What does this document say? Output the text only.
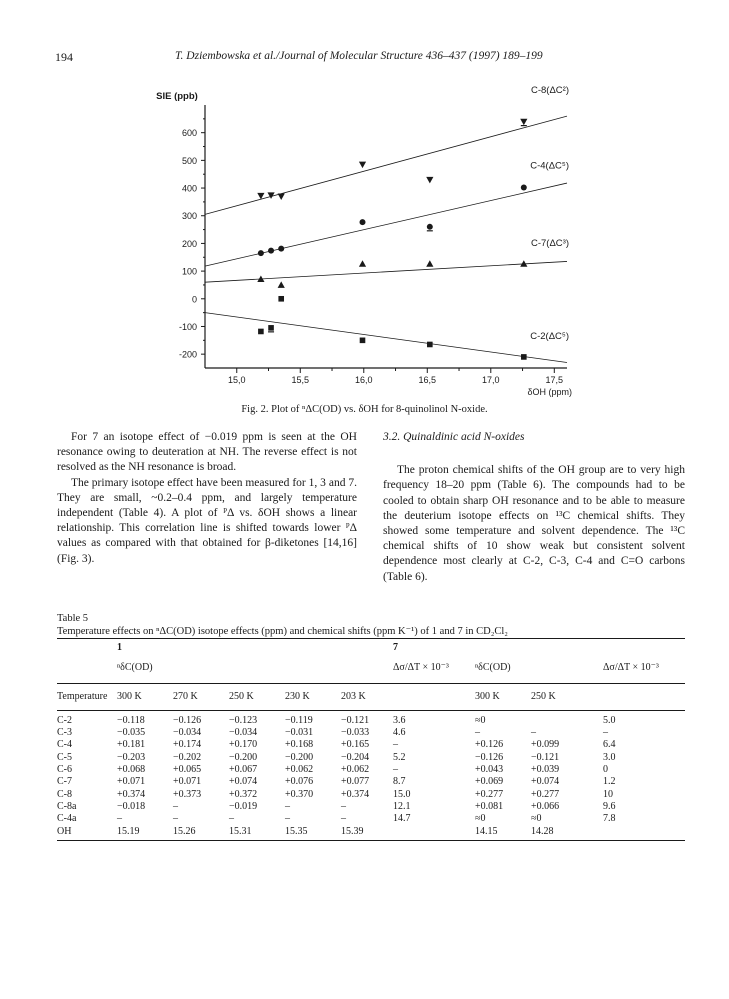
194	T. Dziembowska et al./Journal of Molecular Structure 436–437 (1997) 189–199
600
500
400
300
200
100
0
-100
-200
15,0	15,5	16,0	16,5	17,0	17,5
SIE (ppb)
δOH (ppm)
C-8(ΔC²)
C-4(ΔC⁵)
C-7(ΔC³)
C-2(ΔC⁵)
Fig. 2. Plot of ⁿΔC(OD) vs. δOH for 8-quinolinol N-oxide.

For 7 an isotope effect of −0.019 ppm is seen at the OH resonance owing to deuteration at NH. The reverse effect is not resolved as the NH resonance is broad.

The primary isotope effect have been measured for 1, 3 and 7. They are small, ~0.2–0.4 ppm, and largely temperature independent (Table 4). A plot of ᴾΔ vs. δOH shows a linear relationship. This correlation line is shifted towards lower ᴾΔ values as compared with that obtained for β-diketones [14,16] (Fig. 3).

3.2. Quinaldinic acid N-oxides

The proton chemical shifts of the OH group are to very high frequency 18–20 ppm (Table 6). The compounds had to be cooled to obtain sharp OH resonance and to be able to measure the deuterium isotope effects on ¹³C chemical shifts. They showed some temperature and solvent dependence. The ¹³C chemical shifts of 10 show weak but consistent solvent dependence most clearly at C-2, C-3, C-4 and C=O carbons (Table 6).

Table 5
Temperature effects on ⁿΔC(OD) isotope effects (ppm) and chemical shifts (ppm K⁻¹) of 1 and 7 in CD₂Cl₂
	1					7			
	ⁿδC(OD)					Δσ/ΔT × 10⁻³	ⁿδC(OD)		Δσ/ΔT × 10⁻³
Temperature	300 K	270 K	250 K	230 K	203 K		300 K	250 K	
C-2	−0.118	−0.126	−0.123	−0.119	−0.121	3.6	≈0		5.0
C-3	−0.035	−0.034	−0.034	−0.031	−0.033	4.6	–	–	–
C-4	+0.181	+0.174	+0.170	+0.168	+0.165	–	+0.126	+0.099	6.4
C-5	−0.203	−0.202	−0.200	−0.200	−0.204	5.2	−0.126	−0.121	3.0
C-6	+0.068	+0.065	+0.067	+0.062	+0.062	–	+0.043	+0.039	0
C-7	+0.071	+0.071	+0.074	+0.076	+0.077	8.7	+0.069	+0.074	1.2
C-8	+0.374	+0.373	+0.372	+0.370	+0.374	15.0	+0.277	+0.277	10
C-8a	−0.018	–	−0.019	–	–	12.1	+0.081	+0.066	9.6
C-4a	–	–	–	–	–	14.7	≈0	≈0	7.8
OH	15.19	15.26	15.31	15.35	15.39		14.15	14.28	
